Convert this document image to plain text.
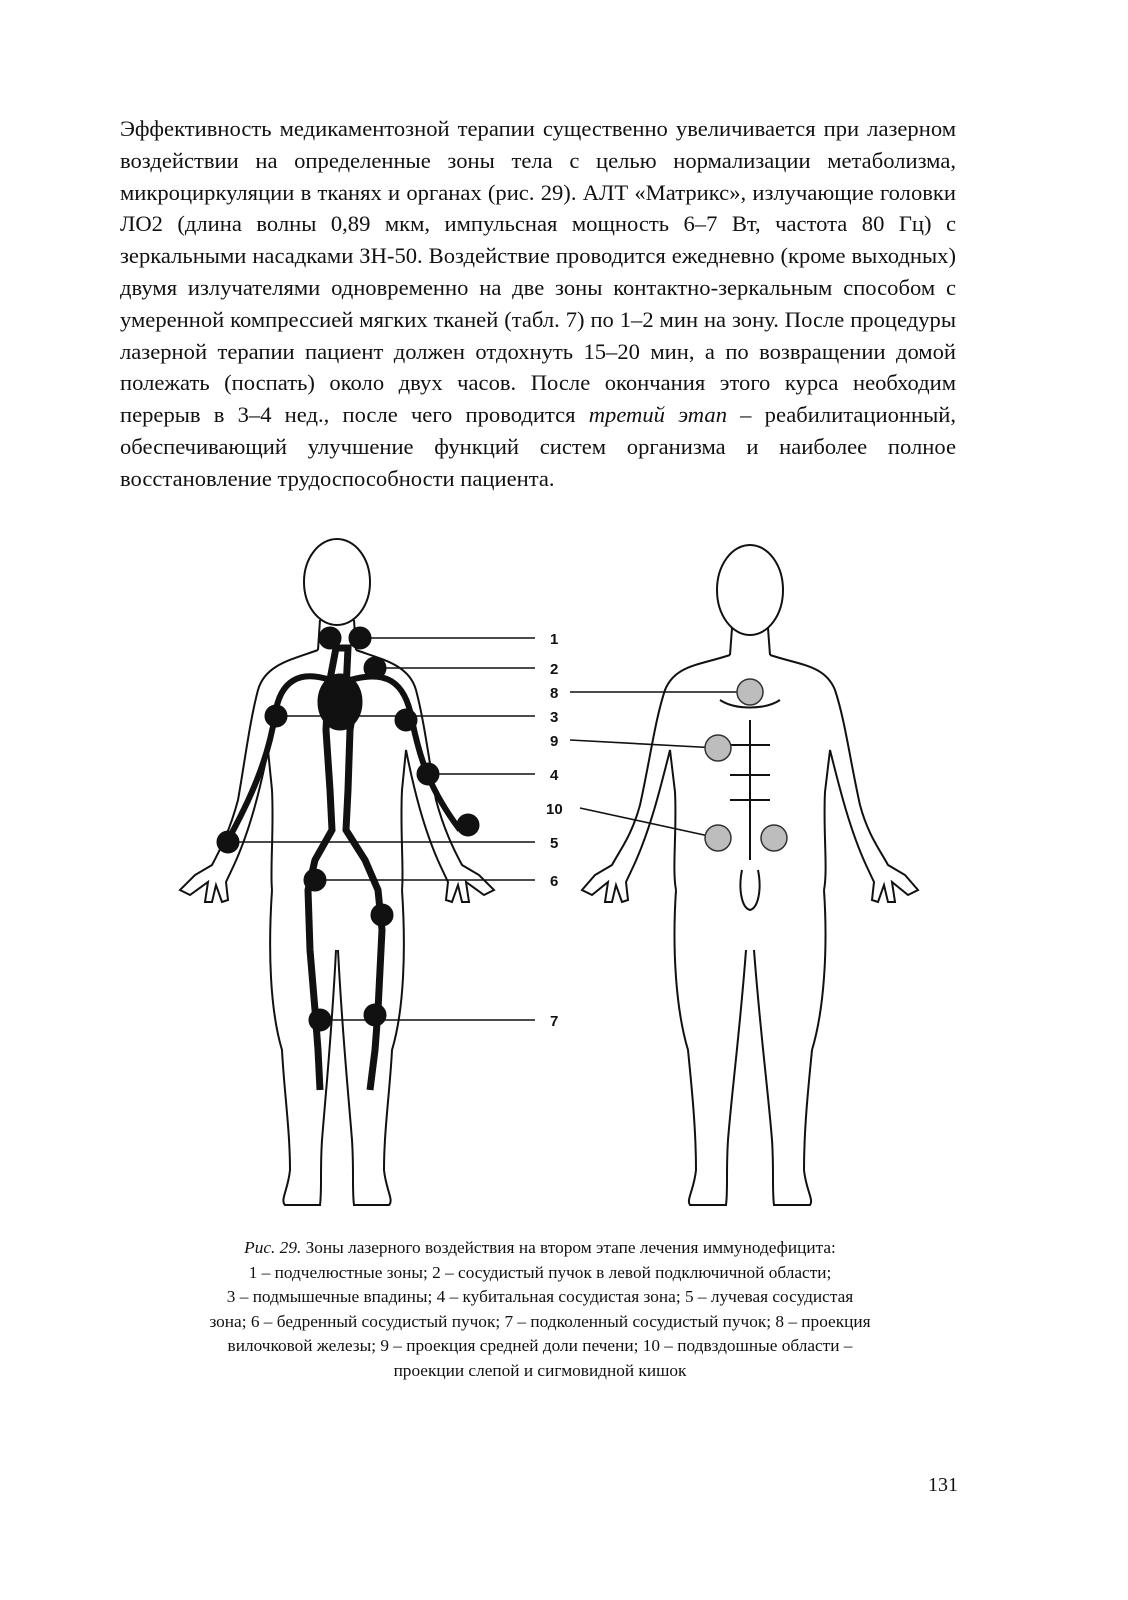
Эффективность медикаментозной терапии существенно увеличивается при лазерном воздействии на определенные зоны тела с целью нормализации метаболизма, микроциркуляции в тканях и органах (рис. 29). АЛТ «Матрикс», излучающие головки ЛО2 (длина волны 0,89 мкм, импульсная мощность 6–7 Вт, частота 80 Гц) с зеркальными насадками ЗН-50. Воздействие проводится ежедневно (кроме выходных) двумя излучателями одновременно на две зоны контактно-зеркальным способом с умеренной компрессией мягких тканей (табл. 7) по 1–2 мин на зону. После процедуры лазерной терапии пациент должен отдохнуть 15–20 мин, а по возвращении домой полежать (поспать) около двух часов. После окончания этого курса необходим перерыв в 3–4 нед., после чего проводится третий этап – реабилитационный, обеспечивающий улучшение функций систем организма и наиболее полное восстановление трудоспособности пациента.

1
2
8
3
9
4
10
5
6
7
Рис. 29. Зоны лазерного воздействия на втором этапе лечения иммунодефицита:
1 – подчелюстные зоны; 2 – сосудистый пучок в левой подключичной области;
3 – подмышечные впадины; 4 – кубитальная сосудистая зона; 5 – лучевая сосудистая
зона; 6 – бедренный сосудистый пучок; 7 – подколенный сосудистый пучок; 8 – проекция
вилочковой железы; 9 – проекция средней доли печени; 10 – подвздошные области –
проекции слепой и сигмовидной кишок
131
